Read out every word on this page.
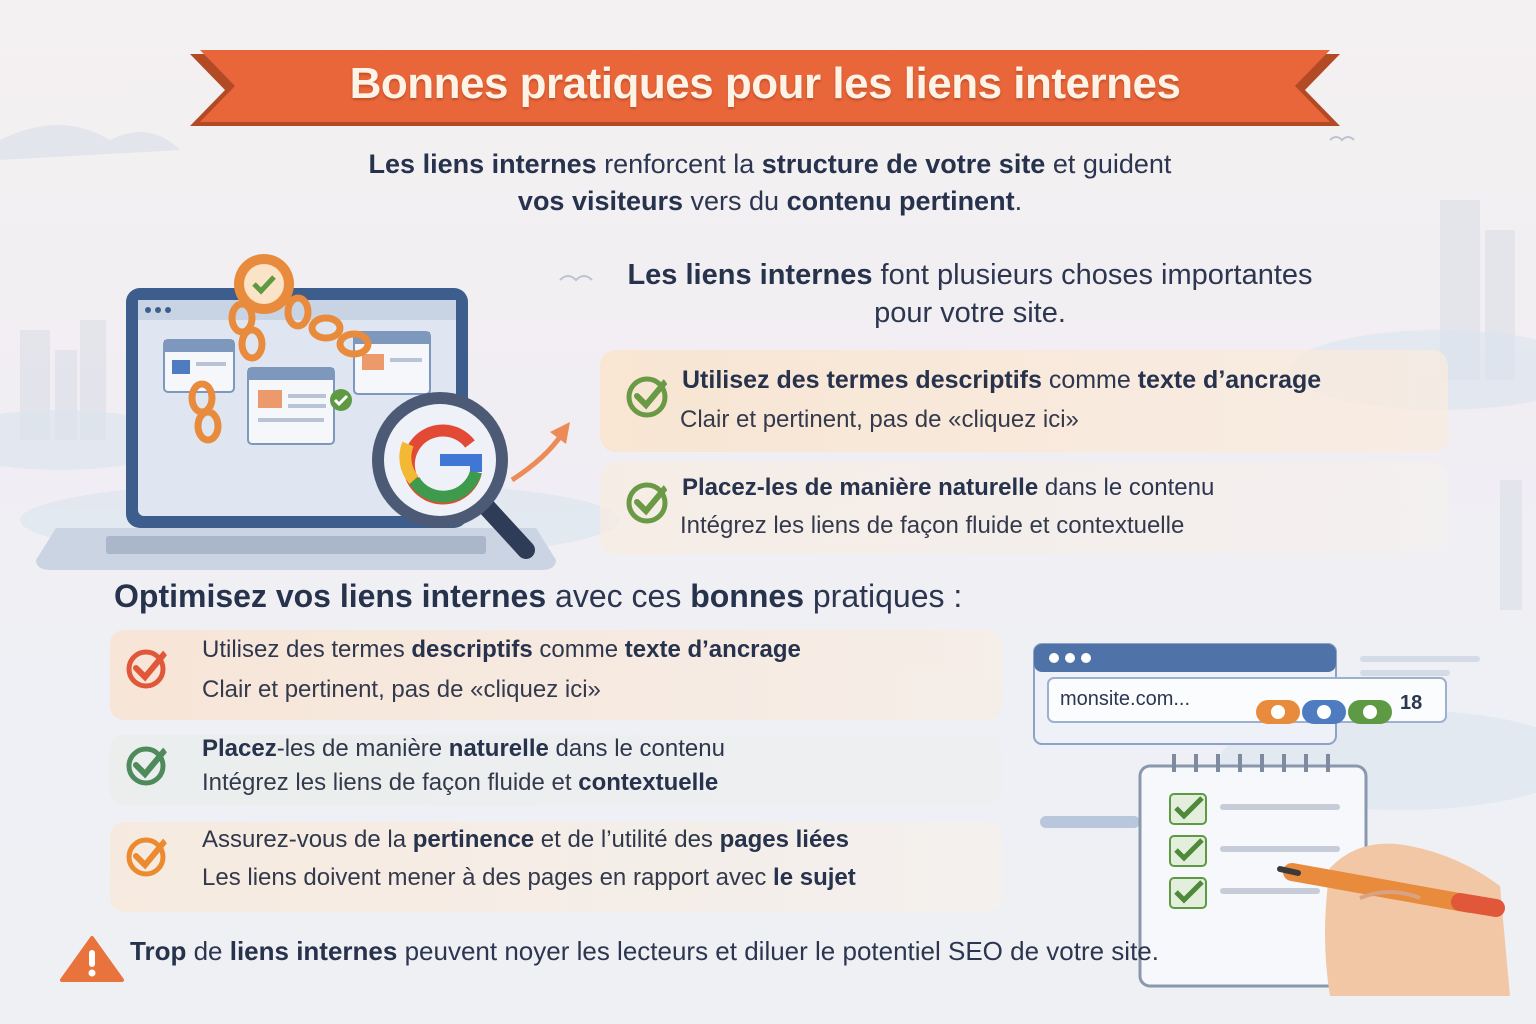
Bonnes pratiques pour les liens internes
Les liens internes renforcent la structure de votre site et guident
vos visiteurs vers du contenu pertinent.
Les liens internes font plusieurs choses importantes
pour votre site.
Utilisez des termes descriptifs comme texte d’ancrage
Clair et pertinent, pas de «cliquez ici»
Placez-les de manière naturelle dans le contenu
Intégrez les liens de façon fluide et contextuelle
Optimisez vos liens internes avec ces bonnes pratiques :
Utilisez des termes descriptifs comme texte d’ancrage
Clair et pertinent, pas de «cliquez ici»
Placez-les de manière naturelle dans le contenu
Intégrez les liens de façon fluide et contextuelle
Assurez-vous de la pertinence et de l’utilité des pages liées
Les liens doivent mener à des pages en rapport avec le sujet
monsite.com...	18
Trop de liens internes peuvent noyer les lecteurs et diluer le potentiel SEO de votre site.
